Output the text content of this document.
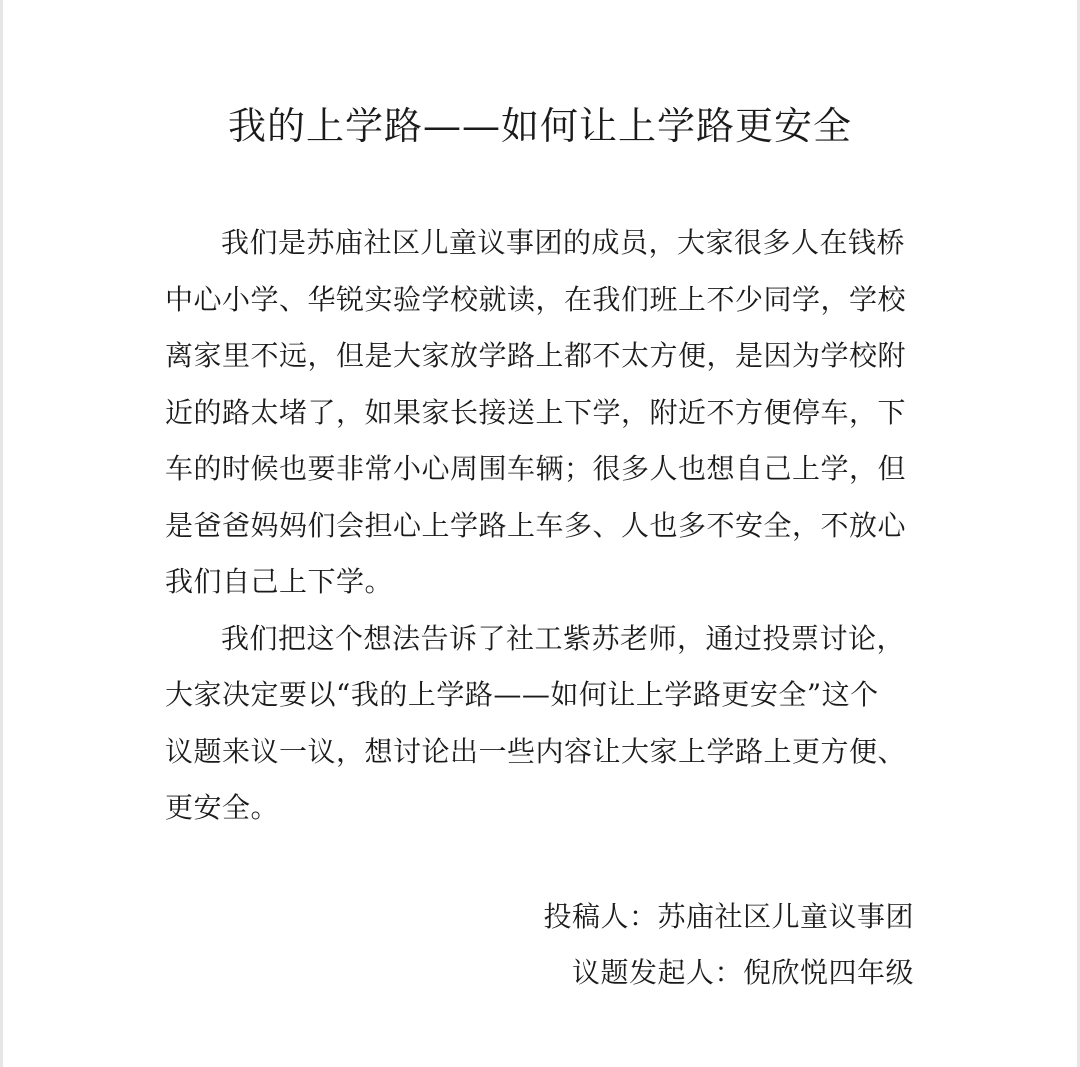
我的上学路——如何让上学路更安全
我们是苏庙社区儿童议事团的成员，大家很多人在钱桥
中心小学、华锐实验学校就读，在我们班上不少同学，学校
离家里不远，但是大家放学路上都不太方便，是因为学校附
近的路太堵了，如果家长接送上下学，附近不方便停车，下
车的时候也要非常小心周围车辆；很多人也想自己上学，但
是爸爸妈妈们会担心上学路上车多、人也多不安全，不放心
我们自己上下学。
我们把这个想法告诉了社工紫苏老师，通过投票讨论，
大家决定要以“我的上学路——如何让上学路更安全”这个
议题来议一议，想讨论出一些内容让大家上学路上更方便、
更安全。
投稿人：苏庙社区儿童议事团
议题发起人：倪欣悦四年级
